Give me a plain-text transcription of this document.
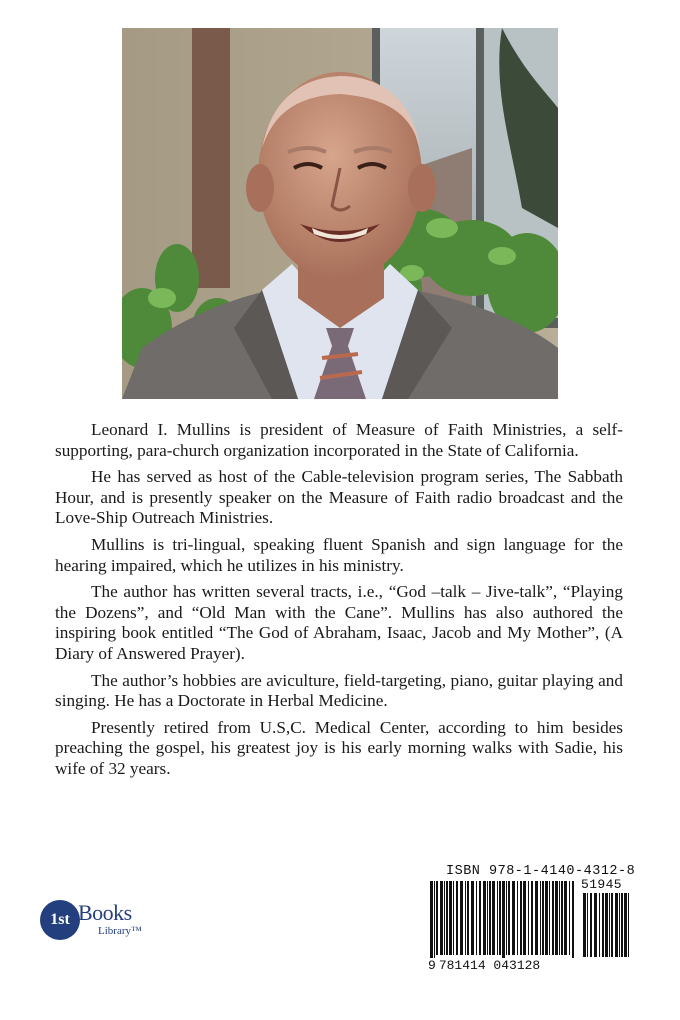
Leonard I. Mullins is president of Measure of Faith Ministries, a self-supporting, para-church organization incorporated in the State of California.

He has served as host of the Cable-television program series, The Sabbath Hour, and is presently speaker on the Measure of Faith radio broadcast and the Love-Ship Outreach Ministries.

Mullins is tri-lingual, speaking fluent Spanish and sign language for the hearing impaired, which he utilizes in his ministry.

The author has written several tracts, i.e., “God –talk – Jive-talk”, “Playing the Dozens”, and “Old Man with the Cane”. Mullins has also authored the inspiring book entitled “The God of Abraham, Isaac, Jacob and My Mother”, (A Diary of Answered Prayer).

The author’s hobbies are aviculture, field-targeting, piano, guitar playing and singing. He has a Doctorate in Herbal Medicine.

Presently retired from U.S,C. Medical Center, according to him besides preaching the gospel, his greatest joy is his early morning walks with Sadie, his wife of 32 years.

1st Books
Library™
ISBN 978-1-4140-4312-8
51945
9 781414 043128
